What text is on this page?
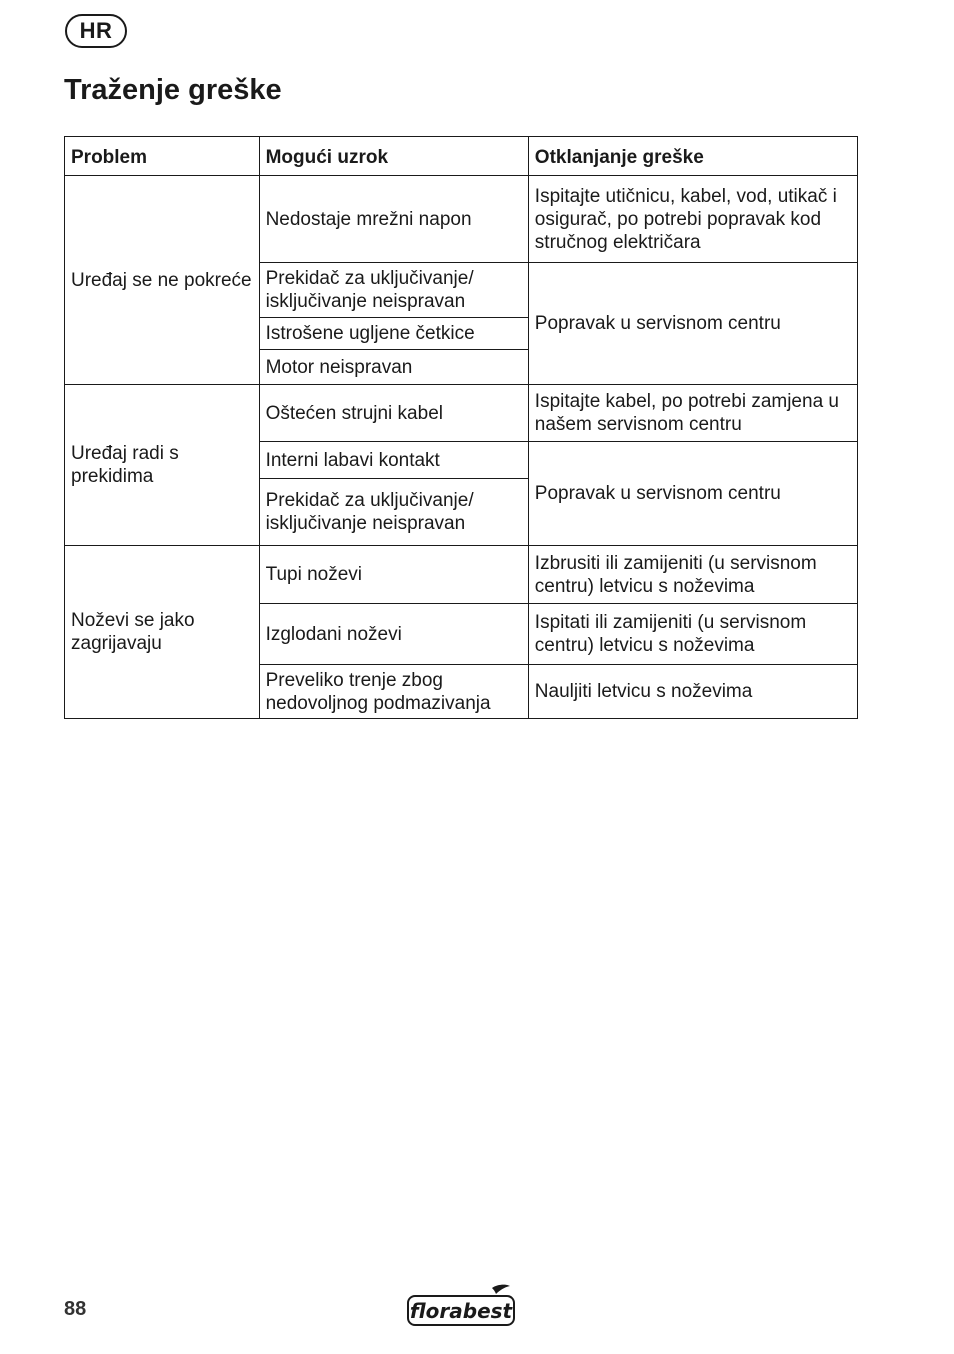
HR
Traženje greške
Problem	Mogući uzrok	Otklanjanje greške
Uređaj se ne pokreće	Nedostaje mrežni napon	Ispitajte utičnicu, kabel, vod, utikač i osigurač, po potrebi popravak kod stručnog električara
	Prekidač za uključivanje/ isključivanje neispravan	Popravak u servisnom centru
	Istrošene ugljene četkice	
	Motor neispravan	
Uređaj radi s prekidima	Oštećen strujni kabel	Ispitajte kabel, po potrebi zamjena u našem servisnom centru
	Interni labavi kontakt	Popravak u servisnom centru
	Prekidač za uključivanje/ isključivanje neispravan	
Noževi se jako zagrijavaju	Tupi noževi	Izbrusiti ili zamijeniti (u servisnom centru) letvicu s noževima
	Izglodani noževi	Ispitati ili zamijeniti (u servisnom centru) letvicu s noževima
	Preveliko trenje zbog nedovoljnog podmazivanja	Nauljiti letvicu s noževima
88	florabest
